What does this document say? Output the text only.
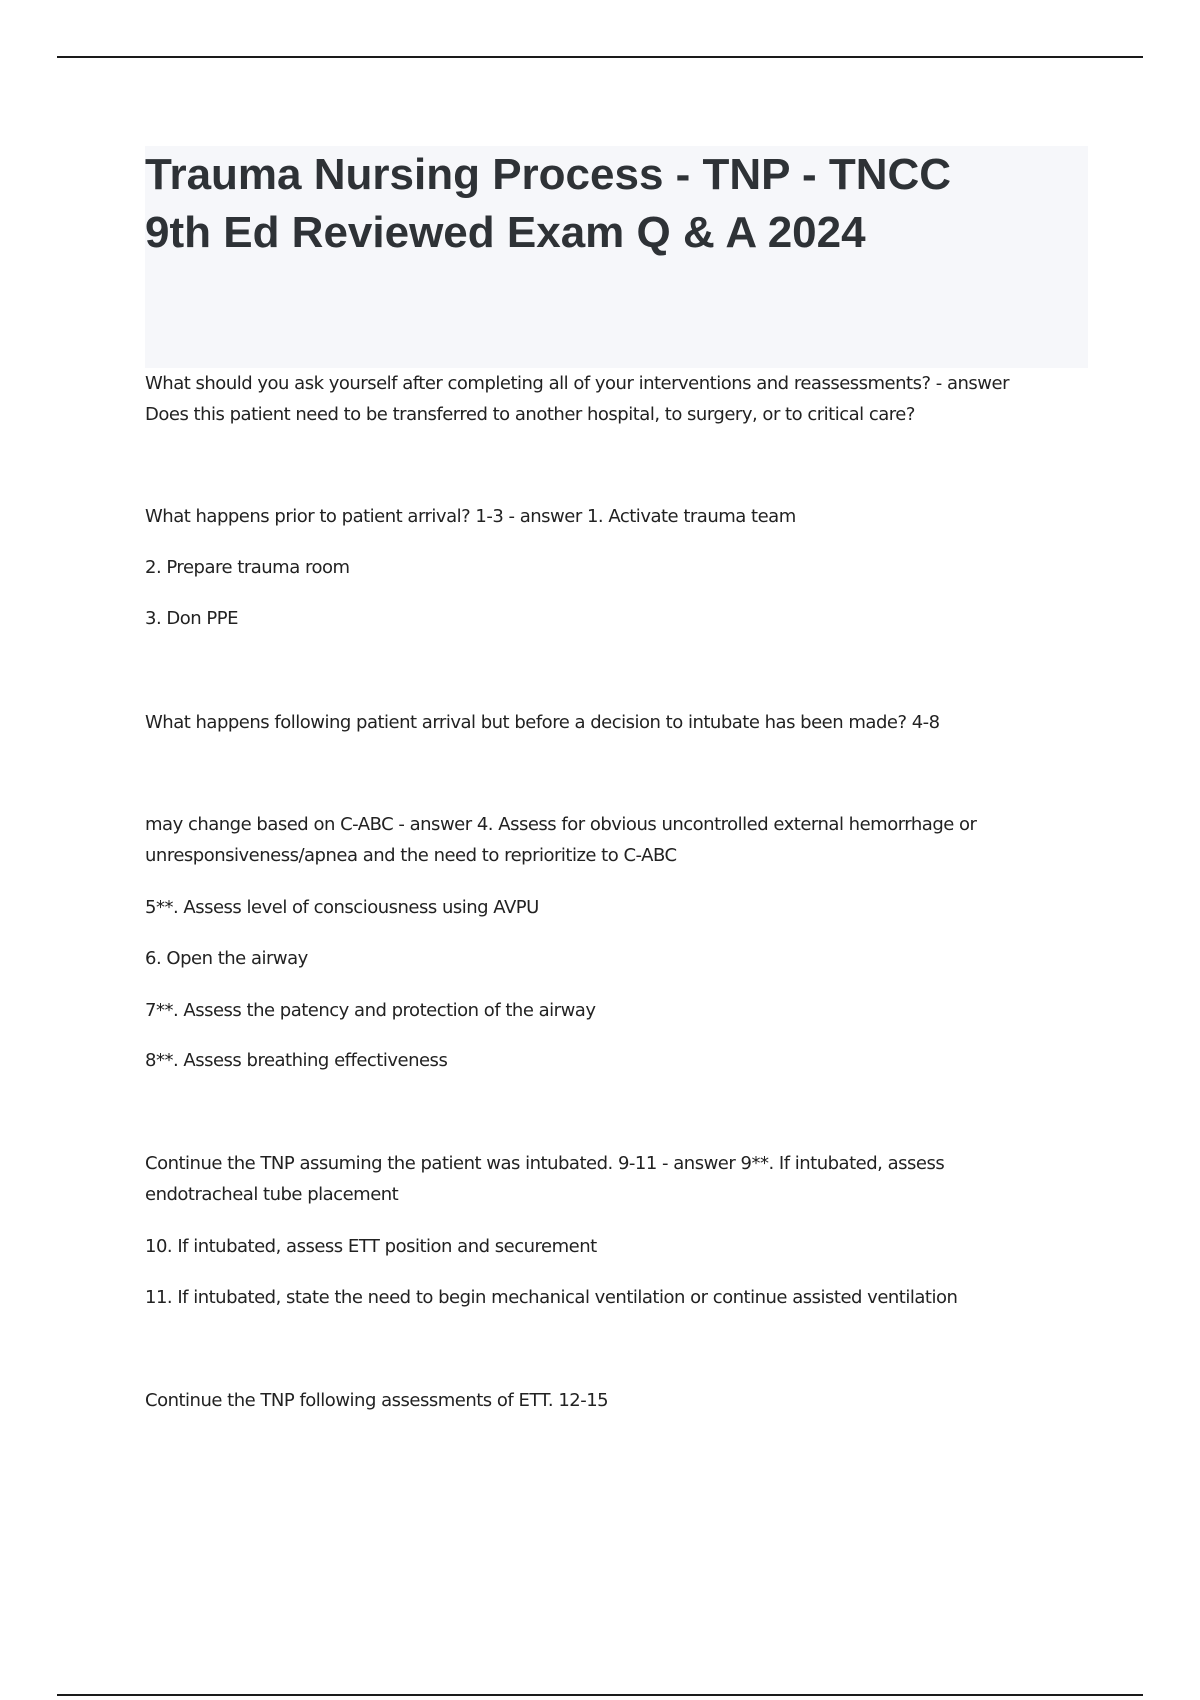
Trauma Nursing Process - TNP - TNCC
9th Ed Reviewed Exam Q & A 2024

What should you ask yourself after completing all of your interventions and reassessments? - answer
Does this patient need to be transferred to another hospital, to surgery, or to critical care?

What happens prior to patient arrival? 1-3 - answer 1. Activate trauma team

2. Prepare trauma room

3. Don PPE

What happens following patient arrival but before a decision to intubate has been made? 4-8

may change based on C-ABC - answer 4. Assess for obvious uncontrolled external hemorrhage or
unresponsiveness/apnea and the need to reprioritize to C-ABC

5**. Assess level of consciousness using AVPU

6. Open the airway

7**. Assess the patency and protection of the airway

8**. Assess breathing effectiveness

Continue the TNP assuming the patient was intubated. 9-11 - answer 9**. If intubated, assess
endotracheal tube placement

10. If intubated, assess ETT position and securement

11. If intubated, state the need to begin mechanical ventilation or continue assisted ventilation

Continue the TNP following assessments of ETT. 12-15
